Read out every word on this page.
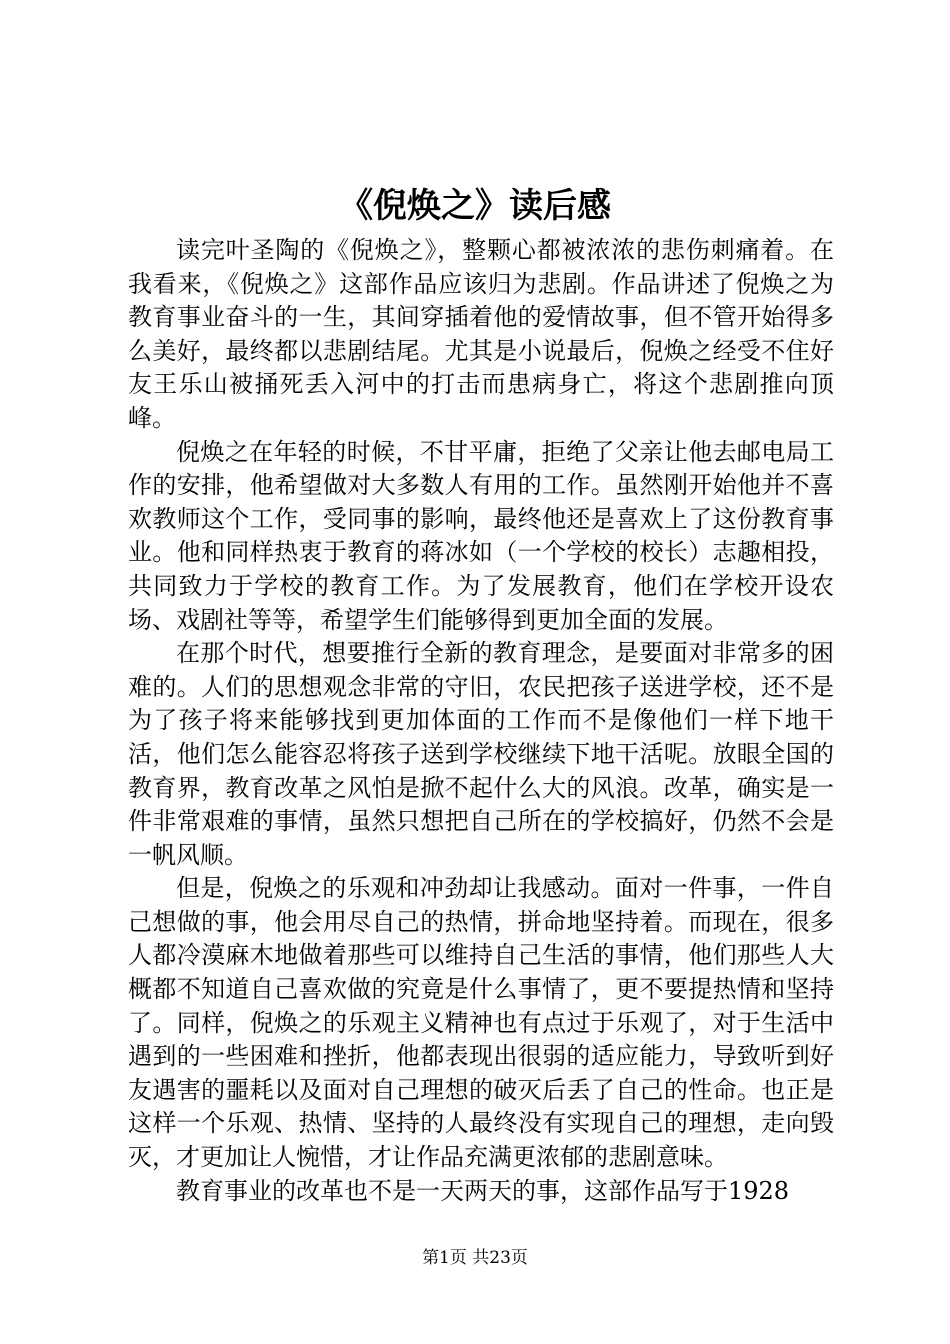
《倪焕之》读后感

读完叶圣陶的《倪焕之》，整颗心都被浓浓的悲伤刺痛着。在我看来，《倪焕之》这部作品应该归为悲剧。作品讲述了倪焕之为教育事业奋斗的一生，其间穿插着他的爱情故事，但不管开始得多么美好，最终都以悲剧结尾。尤其是小说最后，倪焕之经受不住好友王乐山被捅死丢入河中的打击而患病身亡，将这个悲剧推向顶峰。

倪焕之在年轻的时候，不甘平庸，拒绝了父亲让他去邮电局工作的安排，他希望做对大多数人有用的工作。虽然刚开始他并不喜欢教师这个工作，受同事的影响，最终他还是喜欢上了这份教育事业。他和同样热衷于教育的蒋冰如（一个学校的校长）志趣相投，共同致力于学校的教育工作。为了发展教育，他们在学校开设农场、戏剧社等等，希望学生们能够得到更加全面的发展。

在那个时代，想要推行全新的教育理念，是要面对非常多的困难的。人们的思想观念非常的守旧，农民把孩子送进学校，还不是为了孩子将来能够找到更加体面的工作而不是像他们一样下地干活，他们怎么能容忍将孩子送到学校继续下地干活呢。放眼全国的教育界，教育改革之风怕是掀不起什么大的风浪。改革，确实是一件非常艰难的事情，虽然只想把自己所在的学校搞好，仍然不会是一帆风顺。

但是，倪焕之的乐观和冲劲却让我感动。面对一件事，一件自己想做的事，他会用尽自己的热情，拼命地坚持着。而现在，很多人都冷漠麻木地做着那些可以维持自己生活的事情，他们那些人大概都不知道自己喜欢做的究竟是什么事情了，更不要提热情和坚持了。同样，倪焕之的乐观主义精神也有点过于乐观了，对于生活中遇到的一些困难和挫折，他都表现出很弱的适应能力，导致听到好友遇害的噩耗以及面对自己理想的破灭后丢了自己的性命。也正是这样一个乐观、热情、坚持的人最终没有实现自己的理想，走向毁灭，才更加让人惋惜，才让作品充满更浓郁的悲剧意味。

教育事业的改革也不是一天两天的事，这部作品写于1928

第1页 共23页
